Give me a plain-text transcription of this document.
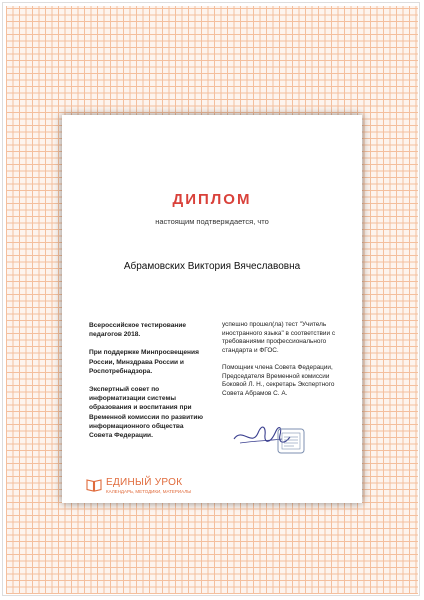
ДИПЛОМ
настоящим подтверждается, что
Абрамовских Виктория Вячеславовна

Всероссийское тестирование педагогов 2018.

При поддержке Минпросвещения России, Минздрава России и Роспотребнадзора.

Экспертный совет по информатизации системы образования и воспитания при Временной комиссии по развитию информационного общества Совета Федерации.

успешно прошел(ла) тест "Учитель иностранного языка" в соответствии с требованиями профессионального стандарта и ФГОС.

Помощник члена Совета Федерации, Председателя Временной комиссии Боковой Л. Н., секретарь Экспертного Совета Абрамов С. А.

ЕДИНЫЙ УРОК
КАЛЕНДАРЬ, МЕТОДИКИ, МАТЕРИАЛЫ
